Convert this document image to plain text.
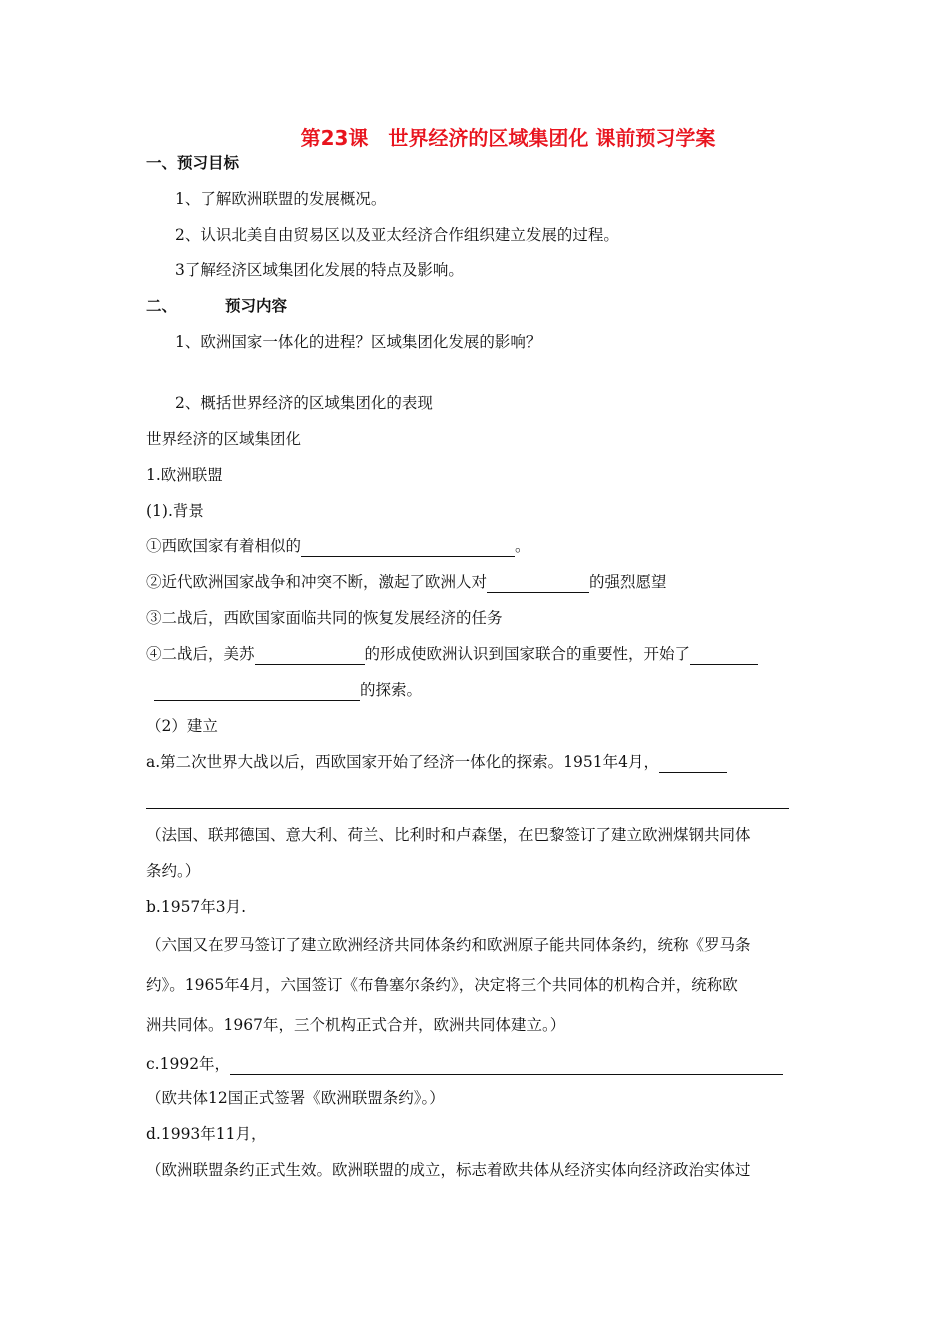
第23课　世界经济的区域集团化 课前预习学案
一、预习目标
1、了解欧洲联盟的发展概况。
2、认识北美自由贸易区以及亚太经济合作组织建立发展的过程。
3了解经济区域集团化发展的特点及影响。
二、	预习内容
1、欧洲国家一体化的进程？区域集团化发展的影响？
2、概括世界经济的区域集团化的表现
世界经济的区域集团化
1.欧洲联盟
(1).背景
①西欧国家有着相似的	。
②近代欧洲国家战争和冲突不断，激起了欧洲人对	的强烈愿望
③二战后，西欧国家面临共同的恢复发展经济的任务
④二战后，美苏	的形成使欧洲认识到国家联合的重要性，开始了
的探索。
（2）建立
a.第二次世界大战以后，西欧国家开始了经济一体化的探索。1951年4月，
（法国、联邦德国、意大利、荷兰、比利时和卢森堡，在巴黎签订了建立欧洲煤钢共同体
条约。）
b.1957年3月.
（六国又在罗马签订了建立欧洲经济共同体条约和欧洲原子能共同体条约，统称《罗马条
约》。1965年4月，六国签订《布鲁塞尔条约》，决定将三个共同体的机构合并，统称欧
洲共同体。1967年，三个机构正式合并，欧洲共同体建立。）
c.1992年，
（欧共体12国正式签署《欧洲联盟条约》。）
d.1993年11月，
（欧洲联盟条约正式生效。欧洲联盟的成立，标志着欧共体从经济实体向经济政治实体过
